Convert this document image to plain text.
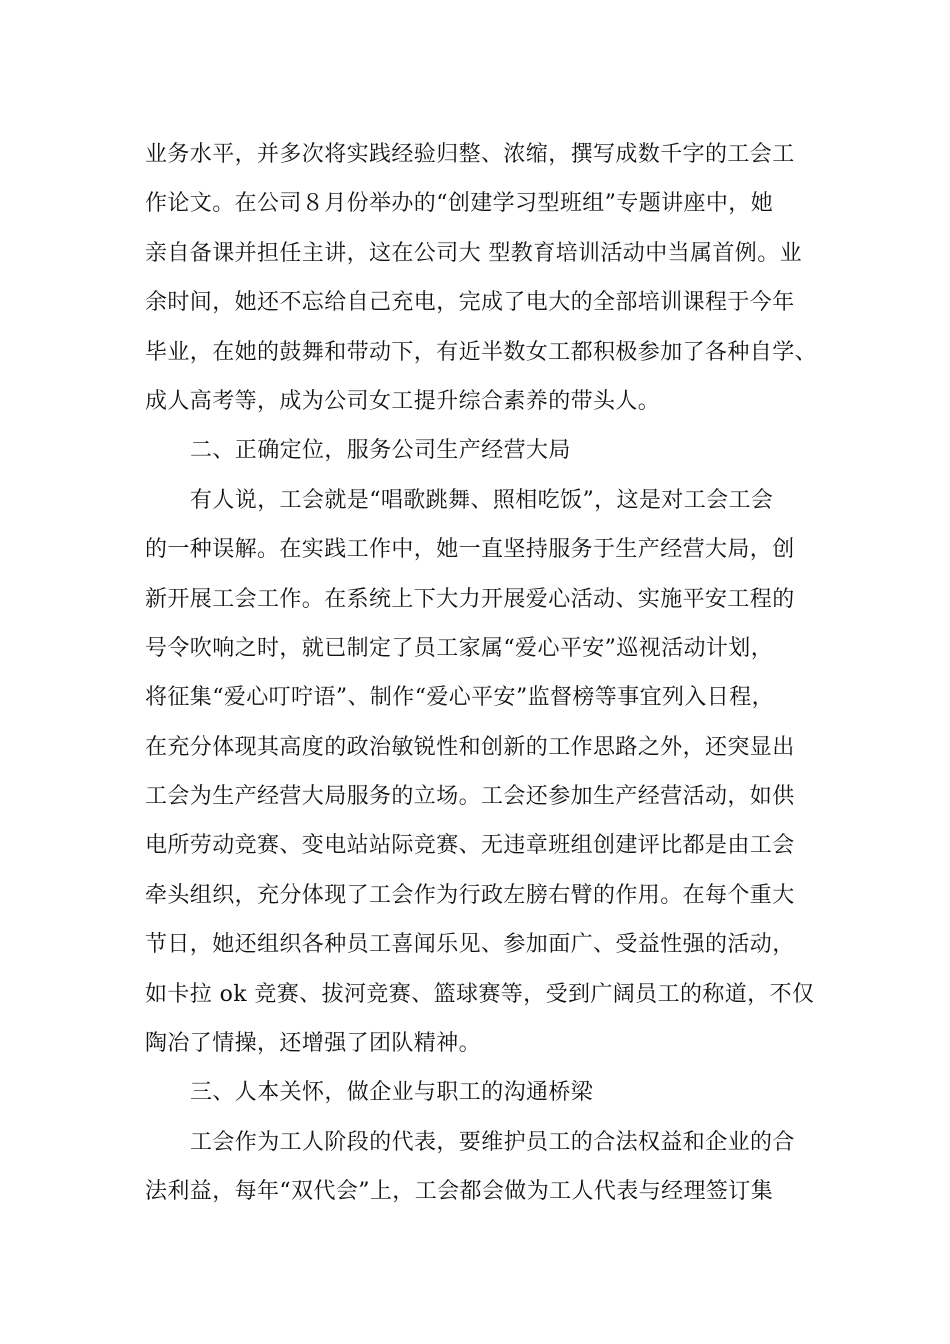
业务水平，并多次将实践经验归整、浓缩，撰写成数千字的工会工
作论文。在公司８月份举办的“创建学习型班组”专题讲座中，她
亲自备课并担任主讲，这在公司大 型教育培训活动中当属首例。业
余时间，她还不忘给自己充电，完成了电大的全部培训课程于今年
毕业，在她的鼓舞和带动下，有近半数女工都积极参加了各种自学、
成人高考等，成为公司女工提升综合素养的带头人。
二、正确定位，服务公司生产经营大局
有人说，工会就是“唱歌跳舞、照相吃饭”，这是对工会工会
的一种误解。在实践工作中，她一直坚持服务于生产经营大局，创
新开展工会工作。在系统上下大力开展爱心活动、实施平安工程的
号令吹响之时，就已制定了员工家属“爱心平安”巡视活动计划，
将征集“爱心叮咛语”、制作“爱心平安”监督榜等事宜列入日程，
在充分体现其高度的政治敏锐性和创新的工作思路之外，还突显出
工会为生产经营大局服务的立场。工会还参加生产经营活动，如供
电所劳动竞赛、变电站站际竞赛、无违章班组创建评比都是由工会
牵头组织，充分体现了工会作为行政左膀右臂的作用。在每个重大
节日，她还组织各种员工喜闻乐见、参加面广、受益性强的活动，
如卡拉 ok 竞赛、拔河竞赛、篮球赛等，受到广阔员工的称道，不仅
陶冶了情操，还增强了团队精神。
三、人本关怀，做企业与职工的沟通桥梁
工会作为工人阶段的代表，要维护员工的合法权益和企业的合
法利益，每年“双代会”上，工会都会做为工人代表与经理签订集
